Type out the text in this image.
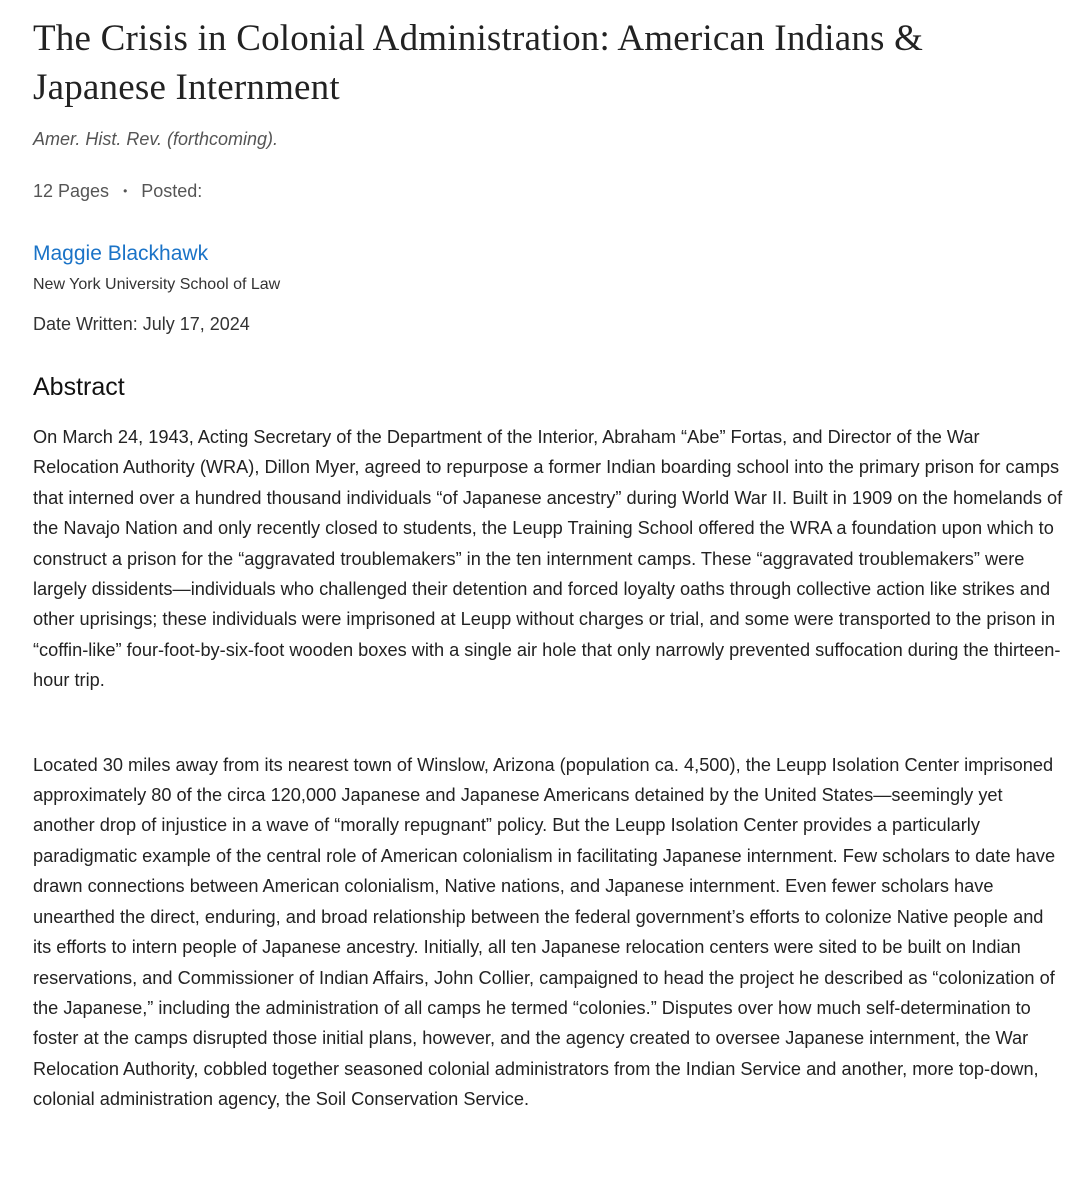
The Crisis in Colonial Administration: American Indians & Japanese Internment
Amer. Hist. Rev. (forthcoming).
12 Pages • Posted:
Maggie Blackhawk
New York University School of Law
Date Written: July 17, 2024
Abstract

On March 24, 1943, Acting Secretary of the Department of the Interior, Abraham “Abe” Fortas, and Director of the War Relocation Authority (WRA), Dillon Myer, agreed to repurpose a former Indian boarding school into the primary prison for camps that interned over a hundred thousand individuals “of Japanese ancestry” during World War II. Built in 1909 on the homelands of the Navajo Nation and only recently closed to students, the Leupp Training School offered the WRA a foundation upon which to construct a prison for the “aggravated troublemakers” in the ten internment camps. These “aggravated troublemakers” were largely dissidents—individuals who challenged their detention and forced loyalty oaths through collective action like strikes and other uprisings; these individuals were imprisoned at Leupp without charges or trial, and some were transported to the prison in “coffin-like” four-foot-by-six-foot wooden boxes with a single air hole that only narrowly prevented suffocation during the thirteen-hour trip.

Located 30 miles away from its nearest town of Winslow, Arizona (population ca. 4,500), the Leupp Isolation Center imprisoned approximately 80 of the circa 120,000 Japanese and Japanese Americans detained by the United States—seemingly yet another drop of injustice in a wave of “morally repugnant” policy. But the Leupp Isolation Center provides a particularly paradigmatic example of the central role of American colonialism in facilitating Japanese internment. Few scholars to date have drawn connections between American colonialism, Native nations, and Japanese internment. Even fewer scholars have unearthed the direct, enduring, and broad relationship between the federal government’s efforts to colonize Native people and its efforts to intern people of Japanese ancestry. Initially, all ten Japanese relocation centers were sited to be built on Indian reservations, and Commissioner of Indian Affairs, John Collier, campaigned to head the project he described as “colonization of the Japanese,” including the administration of all camps he termed “colonies.” Disputes over how much self-determination to foster at the camps disrupted those initial plans, however, and the agency created to oversee Japanese internment, the War Relocation Authority, cobbled together seasoned colonial administrators from the Indian Service and another, more top-down, colonial administration agency, the Soil Conservation Service.
